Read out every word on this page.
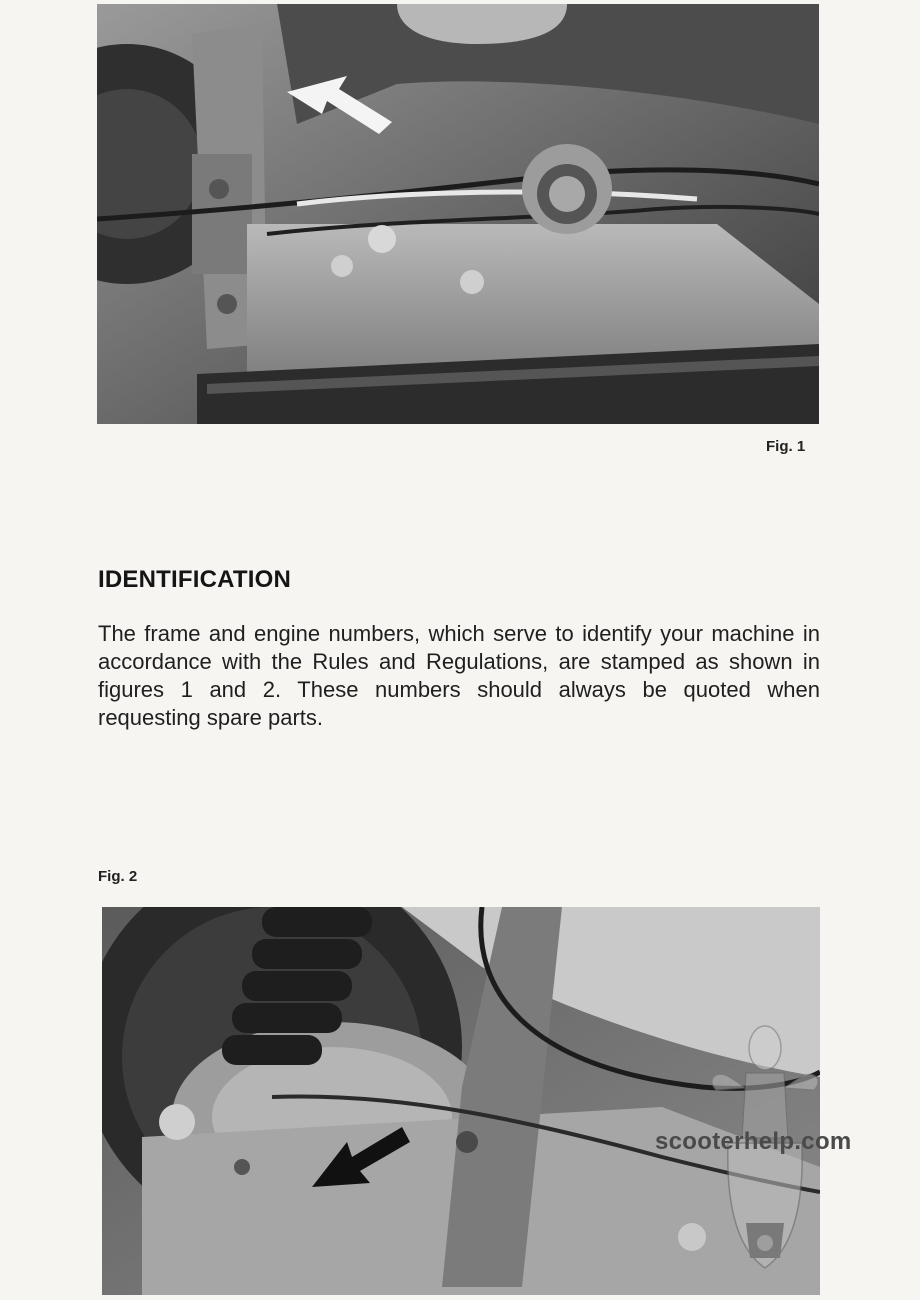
Fig. 1
IDENTIFICATION

The frame and engine numbers, which serve to identify your machine in accordance with the Rules and Regulations, are stamped as shown in figures 1 and 2. These numbers should always be quoted when requesting spare parts.

Fig. 2
scooterhelp.com
